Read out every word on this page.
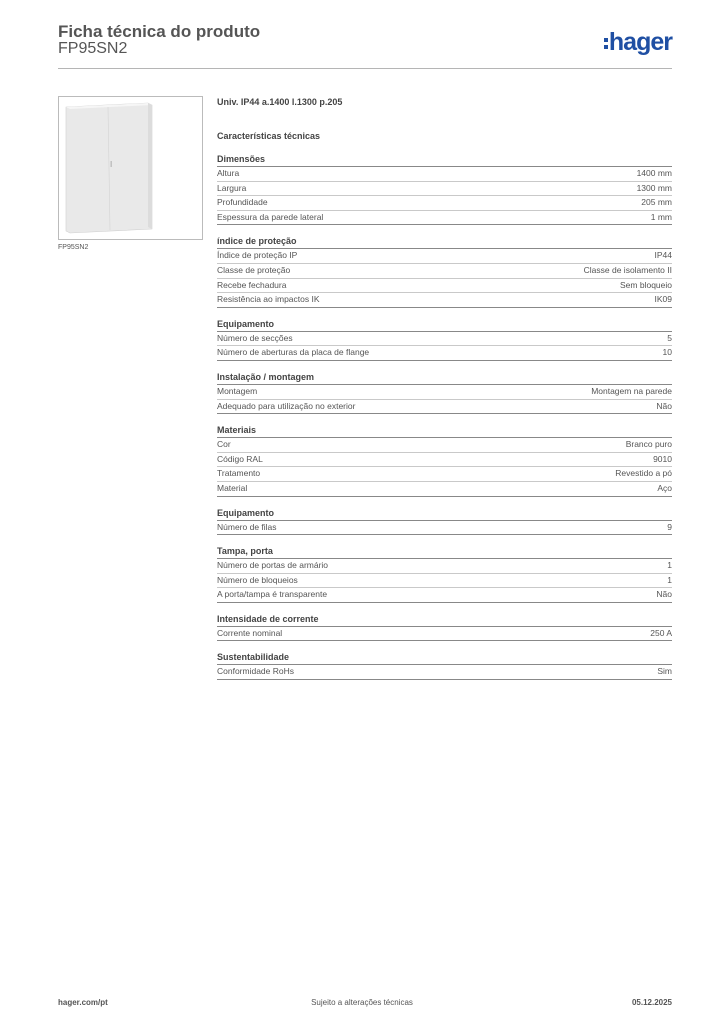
Ficha técnica do produto
FP95SN2	hager
FP95SN2
Univ. IP44 a.1400 l.1300 p.205
Características técnicas
Dimensões
Altura	1400 mm
Largura	1300 mm
Profundidade	205 mm
Espessura da parede lateral	1 mm
índice de proteção
Índice de proteção IP	IP44
Classe de proteção	Classe de isolamento II
Recebe fechadura	Sem bloqueio
Resistência ao impactos IK	IK09
Equipamento
Número de secções	5
Número de aberturas da placa de flange	10
Instalação / montagem
Montagem	Montagem na parede
Adequado para utilização no exterior	Não
Materiais
Cor	Branco puro
Código RAL	9010
Tratamento	Revestido a pó
Material	Aço
Equipamento
Número de filas	9
Tampa, porta
Número de portas de armário	1
Número de bloqueios	1
A porta/tampa é transparente	Não
Intensidade de corrente
Corrente nominal	250 A
Sustentabilidade
Conformidade RoHs	Sim
hager.com/pt	Sujeito a alterações técnicas	05.12.2025
